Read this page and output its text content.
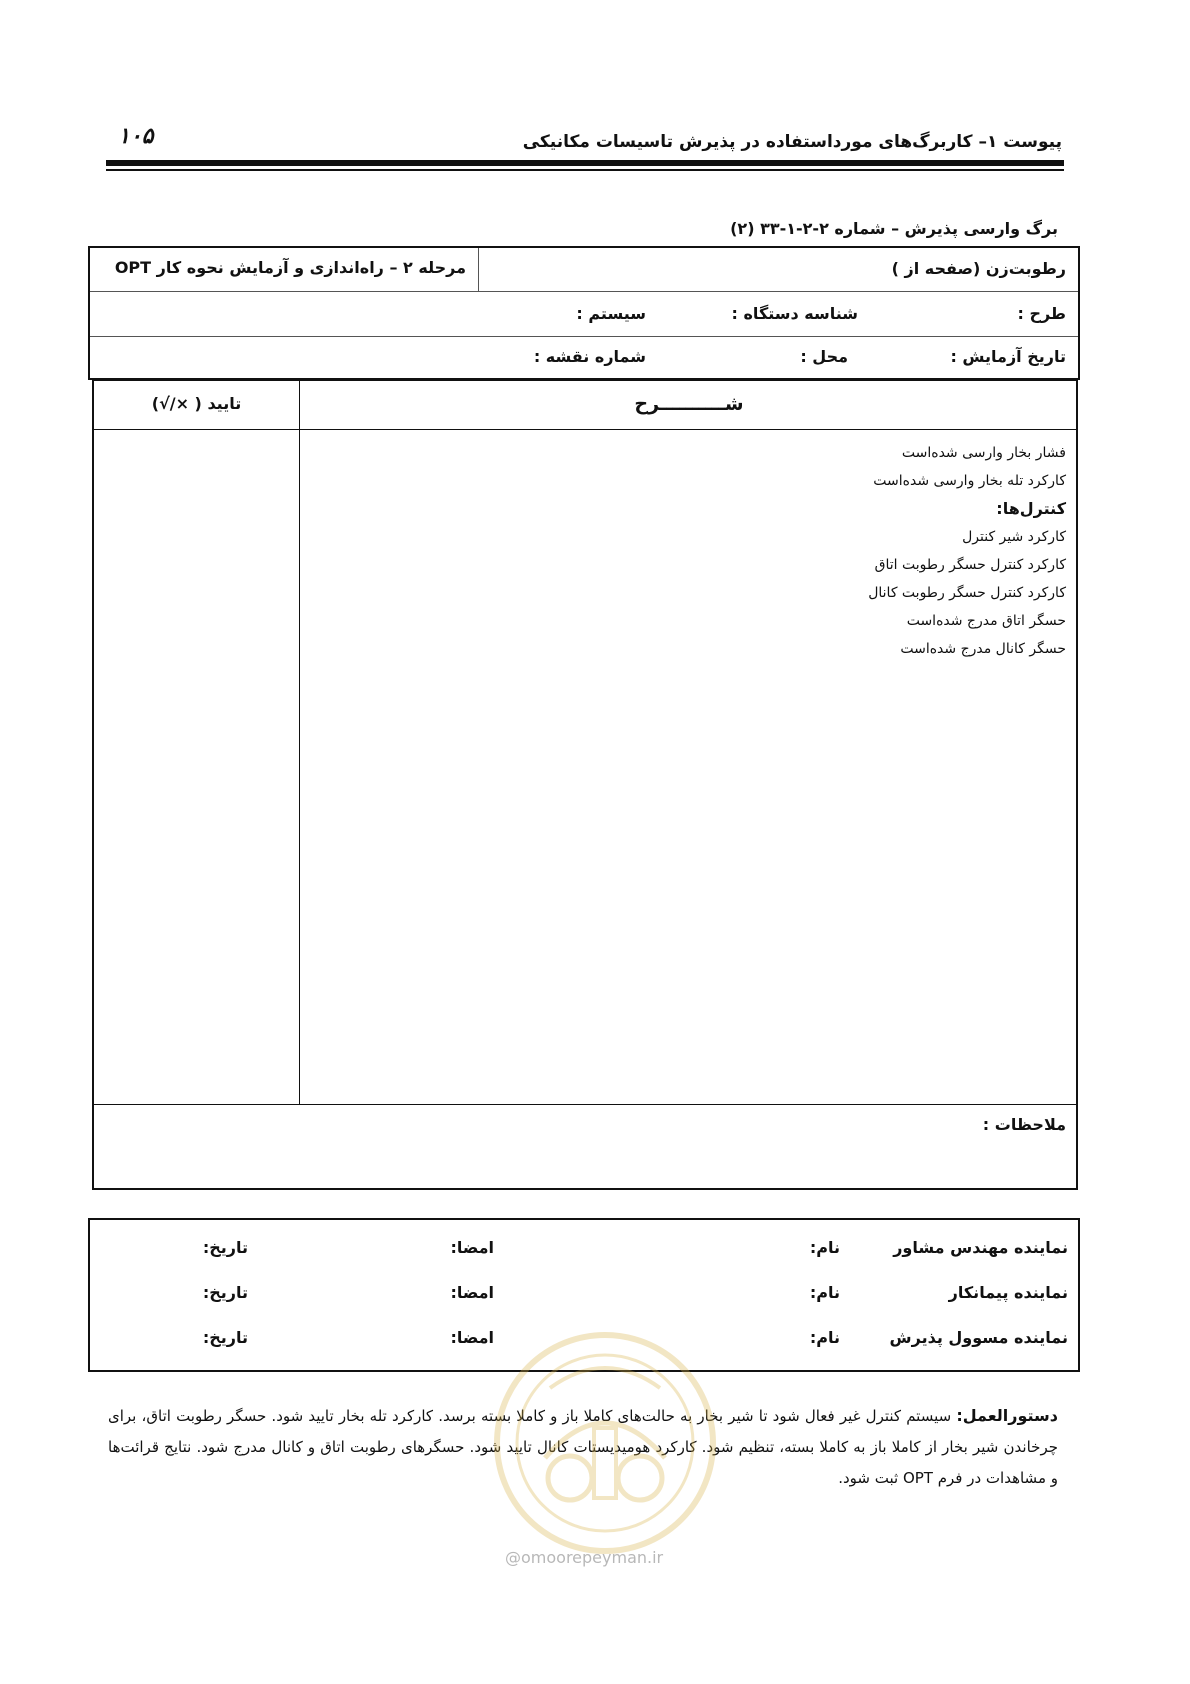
۱۰۵	پیوست ۱– کاربرگ‌های مورداستفاده در پذیرش تاسیسات مکانیکی
برگ وارسی پذیرش – شماره ۲-۲-۱-۳۳ (۲)
رطوبت‌زن (صفحه از )
مرحله ۲ – راه‌اندازی و آزمایش نحوه کار OPT
طرح :
شناسه دستگاه :
سیستم :
تاریخ آزمایش :
محل :
شماره نقشه :
شــــــــــرح
تایید ( ×/√)
فشار بخار وارسی شده‌است
کارکرد تله بخار وارسی شده‌است
کنترل‌ها:
کارکرد شیر کنترل
کارکرد کنترل حسگر رطوبت اتاق
کارکرد کنترل حسگر رطوبت کانال
حسگر اتاق مدرج شده‌است
حسگر کانال مدرج شده‌است
ملاحظات :
نماینده مهندس مشاور
نام:
امضا:
تاریخ:
نماینده پیمانکار
نام:
امضا:
تاریخ:
نماینده مسوول پذیرش
نام:
امضا:
تاریخ:
دستورالعمل: سیستم کنترل غیر فعال شود تا شیر بخار به حالت‌های کاملا باز و کاملا بسته برسد. کارکرد تله بخار تایید شود. حسگر رطوبت اتاق، برای چرخاندن شیر بخار از کاملا باز به کاملا بسته، تنظیم شود. کارکرد هومیدیستات کانال تایید شود. حسگرهای رطوبت اتاق و کانال مدرج شود. نتایج قرائت‌ها و مشاهدات در فرم OPT ثبت شود.
@omoorepeyman.ir
